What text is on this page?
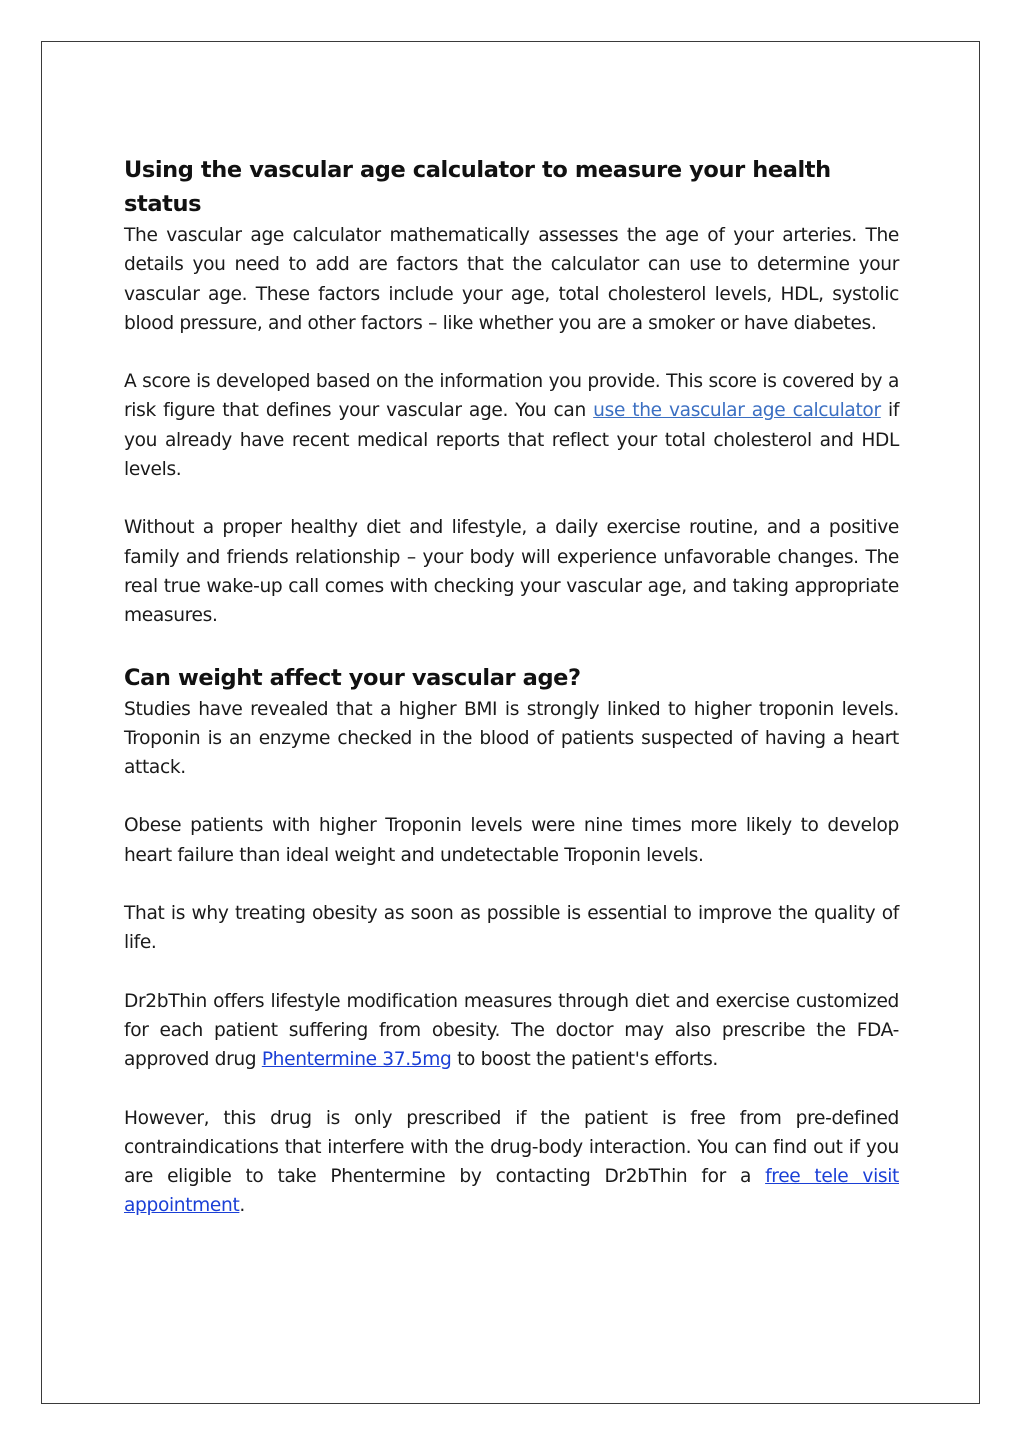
Using the vascular age calculator to measure your health status

The vascular age calculator mathematically assesses the age of your arteries. The details you need to add are factors that the calculator can use to determine your vascular age. These factors include your age, total cholesterol levels, HDL, systolic blood pressure, and other factors – like whether you are a smoker or have diabetes.

A score is developed based on the information you provide. This score is covered by a risk figure that defines your vascular age. You can use the vascular age calculator if you already have recent medical reports that reflect your total cholesterol and HDL levels.

Without a proper healthy diet and lifestyle, a daily exercise routine, and a positive family and friends relationship – your body will experience unfavorable changes. The real true wake-up call comes with checking your vascular age, and taking appropriate measures.

Can weight affect your vascular age?

Studies have revealed that a higher BMI is strongly linked to higher troponin levels. Troponin is an enzyme checked in the blood of patients suspected of having a heart attack.

Obese patients with higher Troponin levels were nine times more likely to develop heart failure than ideal weight and undetectable Troponin levels.

That is why treating obesity as soon as possible is essential to improve the quality of life.

Dr2bThin offers lifestyle modification measures through diet and exercise customized for each patient suffering from obesity. The doctor may also prescribe the FDA-approved drug Phentermine 37.5mg to boost the patient's efforts.

However, this drug is only prescribed if the patient is free from pre-defined contraindications that interfere with the drug-body interaction. You can find out if you are eligible to take Phentermine by contacting Dr2bThin for a free tele visit appointment.
